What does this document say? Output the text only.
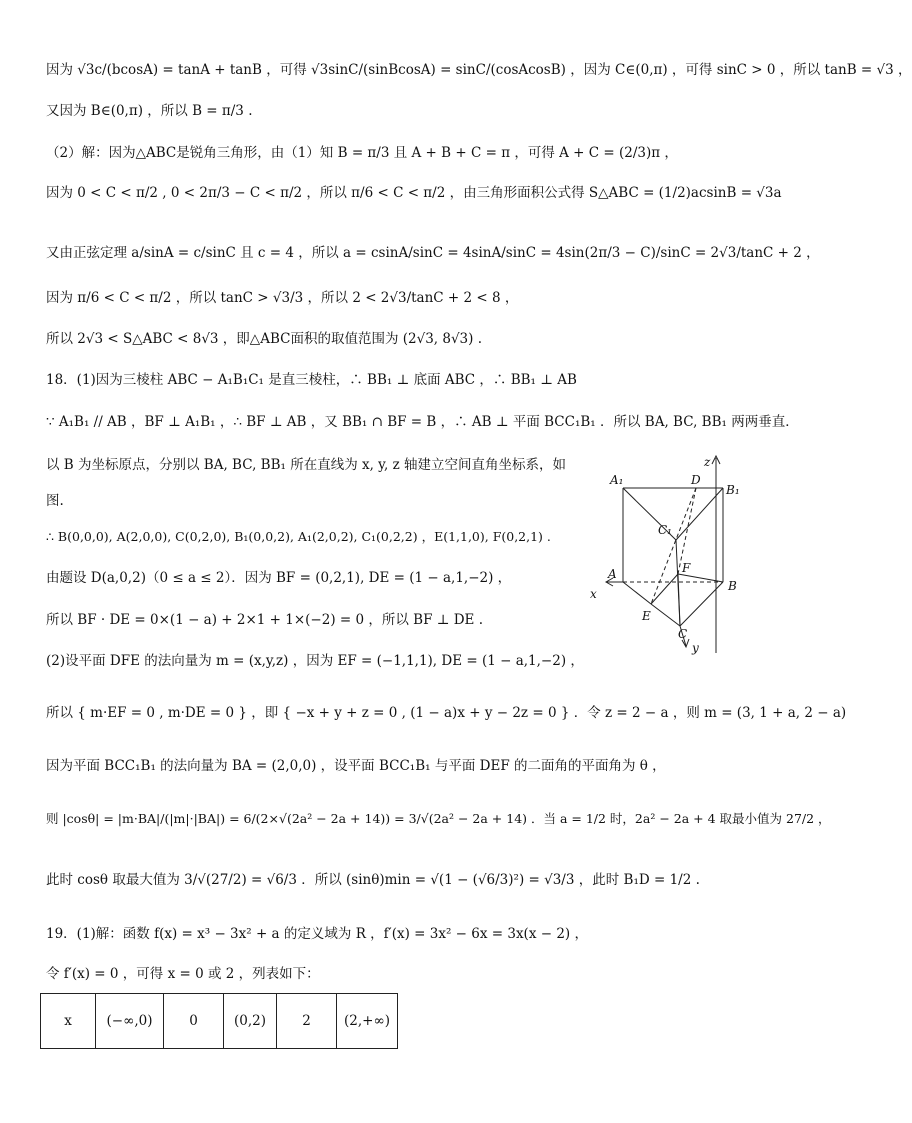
因为 √3c/(bcosA) = tanA + tanB ，可得 √3sinC/(sinBcosA) = sinC/(cosAcosB) ，因为 C∈(0,π) ，可得 sinC > 0 ，所以 tanB = √3 ，
又因为 B∈(0,π) ，所以 B = π/3 .
（2）解：因为△ABC是锐角三角形，由（1）知 B = π/3 且 A + B + C = π ，可得 A + C = (2/3)π ，
因为 0 < C < π/2 , 0 < 2π/3 − C < π/2 ，所以 π/6 < C < π/2 ，由三角形面积公式得 S△ABC = (1/2)acsinB = √3a
又由正弦定理 a/sinA = c/sinC 且 c = 4 ，所以 a = csinA/sinC = 4sinA/sinC = 4sin(2π/3 − C)/sinC = 2√3/tanC + 2 ，
因为 π/6 < C < π/2 ，所以 tanC > √3/3 ，所以 2 < 2√3/tanC + 2 < 8 ，
所以 2√3 < S△ABC < 8√3 ，即△ABC面积的取值范围为 (2√3, 8√3) .
18．(1)因为三棱柱 ABC − A₁B₁C₁ 是直三棱柱，∴ BB₁ ⊥ 底面 ABC ，∴ BB₁ ⊥ AB
∵ A₁B₁ // AB ，BF ⊥ A₁B₁ ，∴ BF ⊥ AB ，又 BB₁ ∩ BF = B ，∴ AB ⊥ 平面 BCC₁B₁ ．所以 BA, BC, BB₁ 两两垂直．
以 B 为坐标原点，分别以 BA, BC, BB₁ 所在直线为 x, y, z 轴建立空间直角坐标系，如
图.
∴ B(0,0,0), A(2,0,0), C(0,2,0), B₁(0,0,2), A₁(2,0,2), C₁(0,2,2) ，E(1,1,0), F(0,2,1) .
由题设 D(a,0,2)（0 ≤ a ≤ 2）．因为 BF = (0,2,1), DE = (1 − a,1,−2) ，
所以 BF · DE = 0×(1 − a) + 2×1 + 1×(−2) = 0 ，所以 BF ⊥ DE .
(2)设平面 DFE 的法向量为 m = (x,y,z) ，因为 EF = (−1,1,1), DE = (1 − a,1,−2) ，
所以 { m·EF = 0 , m·DE = 0 } ，即 { −x + y + z = 0 , (1 − a)x + y − 2z = 0 } ．令 z = 2 − a ，则 m = (3, 1 + a, 2 − a)
因为平面 BCC₁B₁ 的法向量为 BA = (2,0,0) ，设平面 BCC₁B₁ 与平面 DEF 的二面角的平面角为 θ ，
则 |cosθ| = |m·BA|/(|m|·|BA|) = 6/(2×√(2a² − 2a + 14)) = 3/√(2a² − 2a + 14) ．当 a = 1/2 时，2a² − 2a + 4 取最小值为 27/2 ，
此时 cosθ 取最大值为 3/√(27/2) = √6/3 ．所以 (sinθ)min = √(1 − (√6/3)²) = √3/3 ，此时 B₁D = 1/2 .
19．(1)解：函数 f(x) = x³ − 3x² + a 的定义域为 R ，f′(x) = 3x² − 6x = 3x(x − 2) ，
令 f′(x) = 0 ，可得 x = 0 或 2 ，列表如下：
A₁	D
B₁
C₁
F
A
B
E
C
x
y
z
x	(−∞,0)	0	(0,2)	2	(2,+∞)
